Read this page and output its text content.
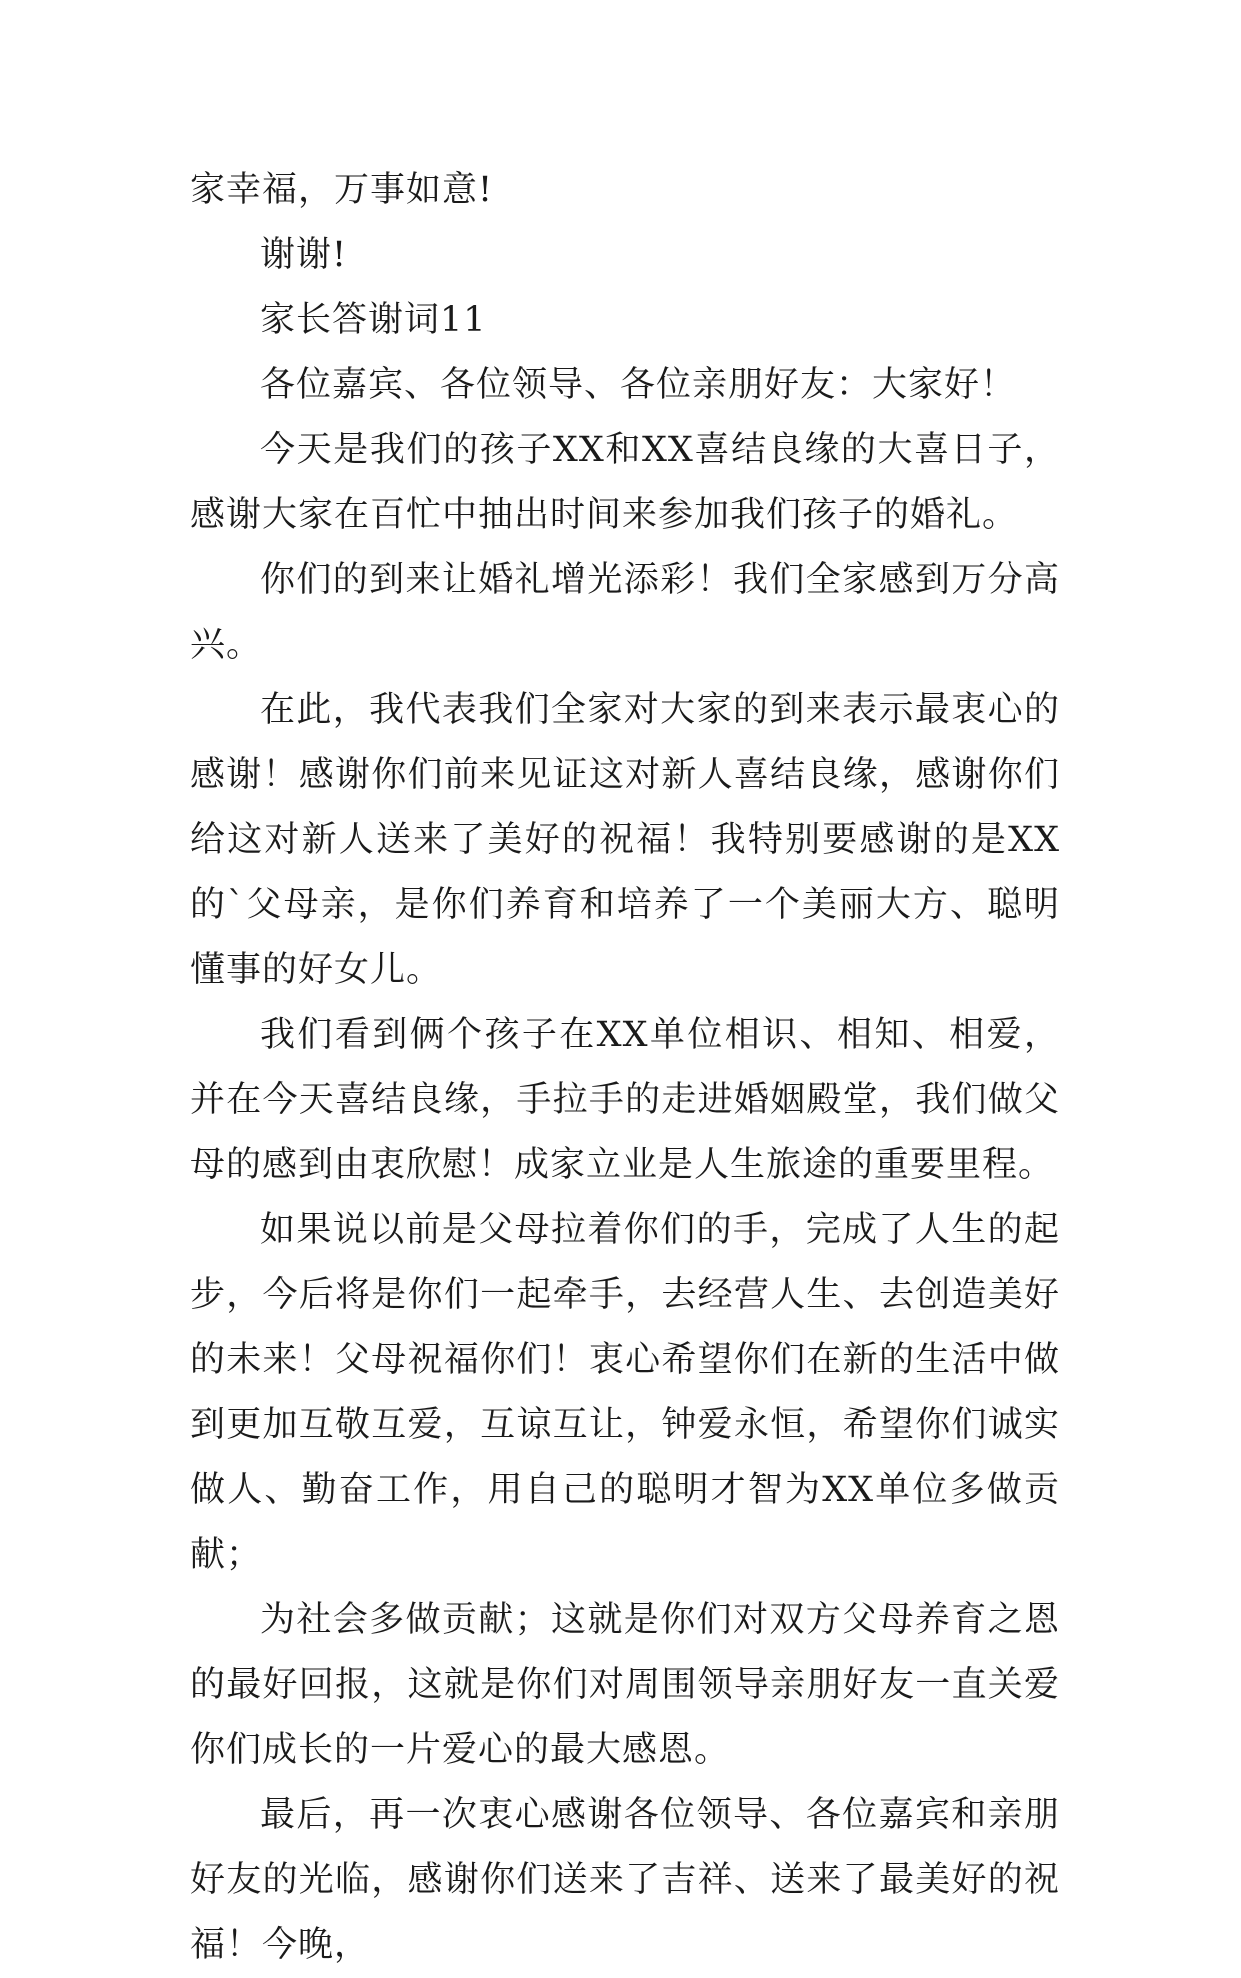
家幸福，万事如意!

谢谢!

家长答谢词11

各位嘉宾、各位领导、各位亲朋好友：大家好！

今天是我们的孩子XX和XX喜结良缘的大喜日子，感谢大家在百忙中抽出时间来参加我们孩子的婚礼。

你们的到来让婚礼增光添彩！我们全家感到万分高兴。

在此，我代表我们全家对大家的到来表示最衷心的感谢！感谢你们前来见证这对新人喜结良缘，感谢你们给这对新人送来了美好的祝福！我特别要感谢的是XX的`父母亲，是你们养育和培养了一个美丽大方、聪明懂事的好女儿。

我们看到俩个孩子在XX单位相识、相知、相爱，并在今天喜结良缘，手拉手的走进婚姻殿堂，我们做父母的感到由衷欣慰！成家立业是人生旅途的重要里程。

如果说以前是父母拉着你们的手，完成了人生的起步，今后将是你们一起牵手，去经营人生、去创造美好的未来！父母祝福你们！衷心希望你们在新的生活中做到更加互敬互爱，互谅互让，钟爱永恒，希望你们诚实做人、勤奋工作，用自己的聪明才智为XX单位多做贡献；

为社会多做贡献；这就是你们对双方父母养育之恩的最好回报，这就是你们对周围领导亲朋好友一直关爱你们成长的一片爱心的最大感恩。

最后，再一次衷心感谢各位领导、各位嘉宾和亲朋好友的光临，感谢你们送来了吉祥、送来了最美好的祝福！今晚，
